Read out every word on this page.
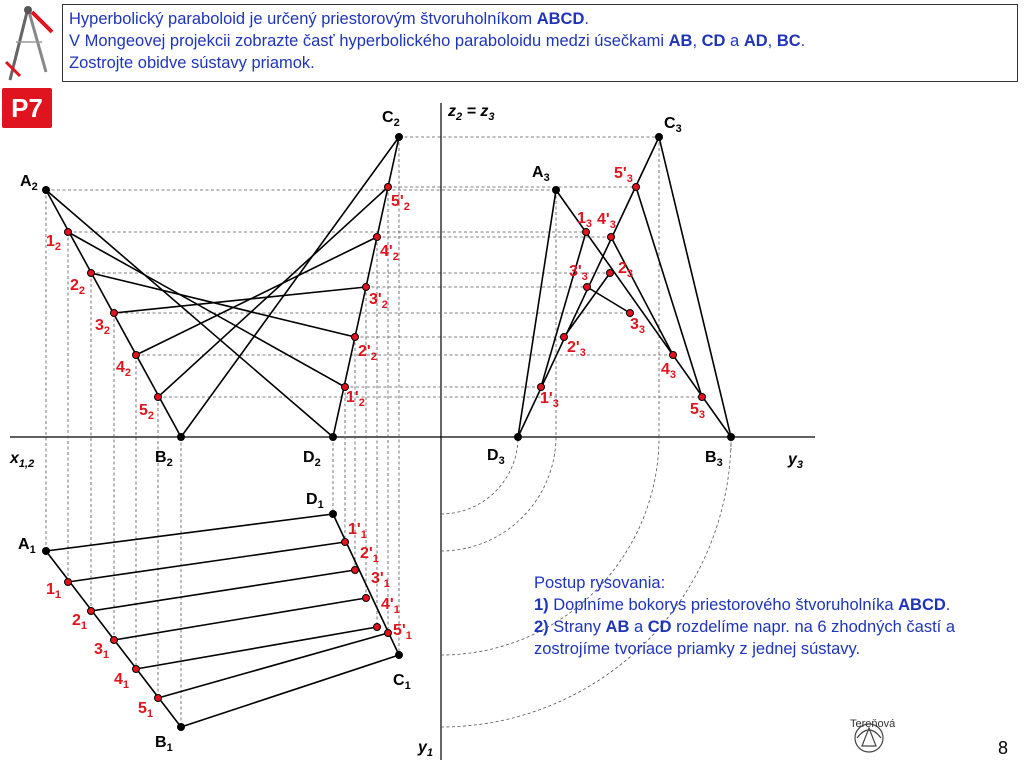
Hyperbolický paraboloid je určený priestorovým štvoruholníkom ABCD.
V Mongeovej projekcii zobrazte časť hyperbolického paraboloidu medzi úsečkami AB, CD a AD, BC.
Zostrojte obidve sústavy priamok.
P7
$A_2$
$B_2$
$C_2$
$D_2$
$A_3$
$B_3$
$C_3$
$D_3$
$A_1$
$B_1$
$C_1$
$D_1$
$x_{1,2}$	$y_3$
$y_1$
$z_2 = z_3$
$1_2$
$2_2$
$3_2$
$4_2$
$5_2$
$1'_2$
$2'_2$
$3'_2$
$4'_2$
$5'_2$
$1_1$
$2_1$
$3_1$
$4_1$
$5_1$
$1'_1$
$2'_1$
$3'_1$
$4'_1$
$5'_1$
$1_3$
$2_3$
$3_3$
$4_3$
$5_3$
$1'_3$
$2'_3$
$3'_3$
$4'_3$
$5'_3$
Postup rysovania:
1) Doplníme bokorys priestorového štvoruholníka ABCD.
2) Strany AB a CD rozdelíme napr. na 6 zhodných častí a zostrojíme tvoriace priamky z jednej sústavy.
Tereňová
8
